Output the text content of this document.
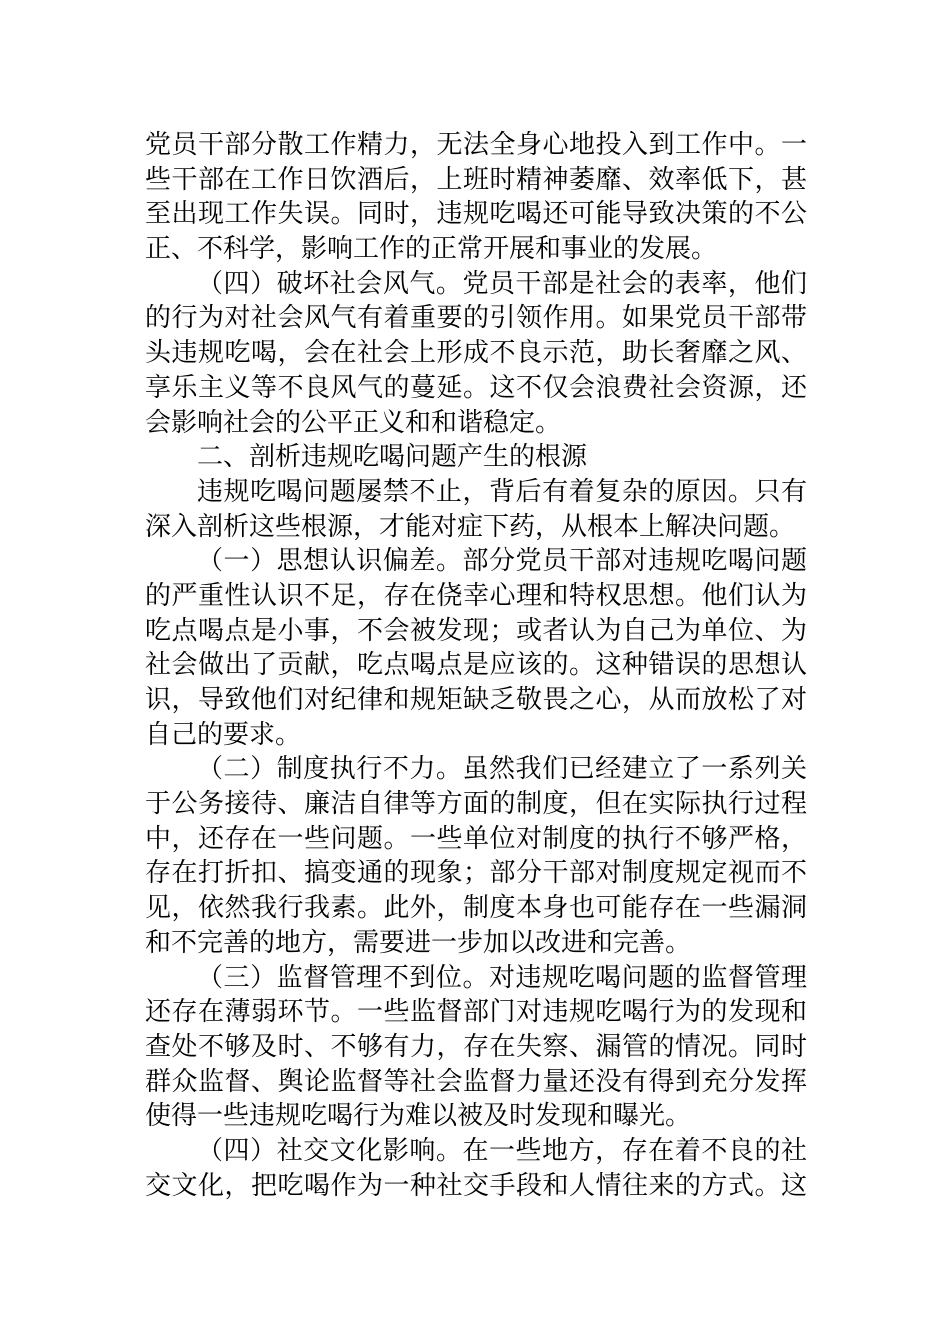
党员干部分散工作精力，无法全身心地投入到工作中。一
些干部在工作日饮酒后，上班时精神萎靡、效率低下，甚
至出现工作失误。同时，违规吃喝还可能导致决策的不公
正、不科学，影响工作的正常开展和事业的发展。
（四）破坏社会风气。党员干部是社会的表率，他们
的行为对社会风气有着重要的引领作用。如果党员干部带
头违规吃喝，会在社会上形成不良示范，助长奢靡之风、
享乐主义等不良风气的蔓延。这不仅会浪费社会资源，还
会影响社会的公平正义和和谐稳定。
二、剖析违规吃喝问题产生的根源
违规吃喝问题屡禁不止，背后有着复杂的原因。只有
深入剖析这些根源，才能对症下药，从根本上解决问题。
（一）思想认识偏差。部分党员干部对违规吃喝问题
的严重性认识不足，存在侥幸心理和特权思想。他们认为
吃点喝点是小事，不会被发现；或者认为自己为单位、为
社会做出了贡献，吃点喝点是应该的。这种错误的思想认
识，导致他们对纪律和规矩缺乏敬畏之心，从而放松了对
自己的要求。
（二）制度执行不力。虽然我们已经建立了一系列关
于公务接待、廉洁自律等方面的制度，但在实际执行过程
中，还存在一些问题。一些单位对制度的执行不够严格，
存在打折扣、搞变通的现象；部分干部对制度规定视而不
见，依然我行我素。此外，制度本身也可能存在一些漏洞
和不完善的地方，需要进一步加以改进和完善。
（三）监督管理不到位。对违规吃喝问题的监督管理
还存在薄弱环节。一些监督部门对违规吃喝行为的发现和
查处不够及时、不够有力，存在失察、漏管的情况。同时
群众监督、舆论监督等社会监督力量还没有得到充分发挥
使得一些违规吃喝行为难以被及时发现和曝光。
（四）社交文化影响。在一些地方，存在着不良的社
交文化，把吃喝作为一种社交手段和人情往来的方式。这
